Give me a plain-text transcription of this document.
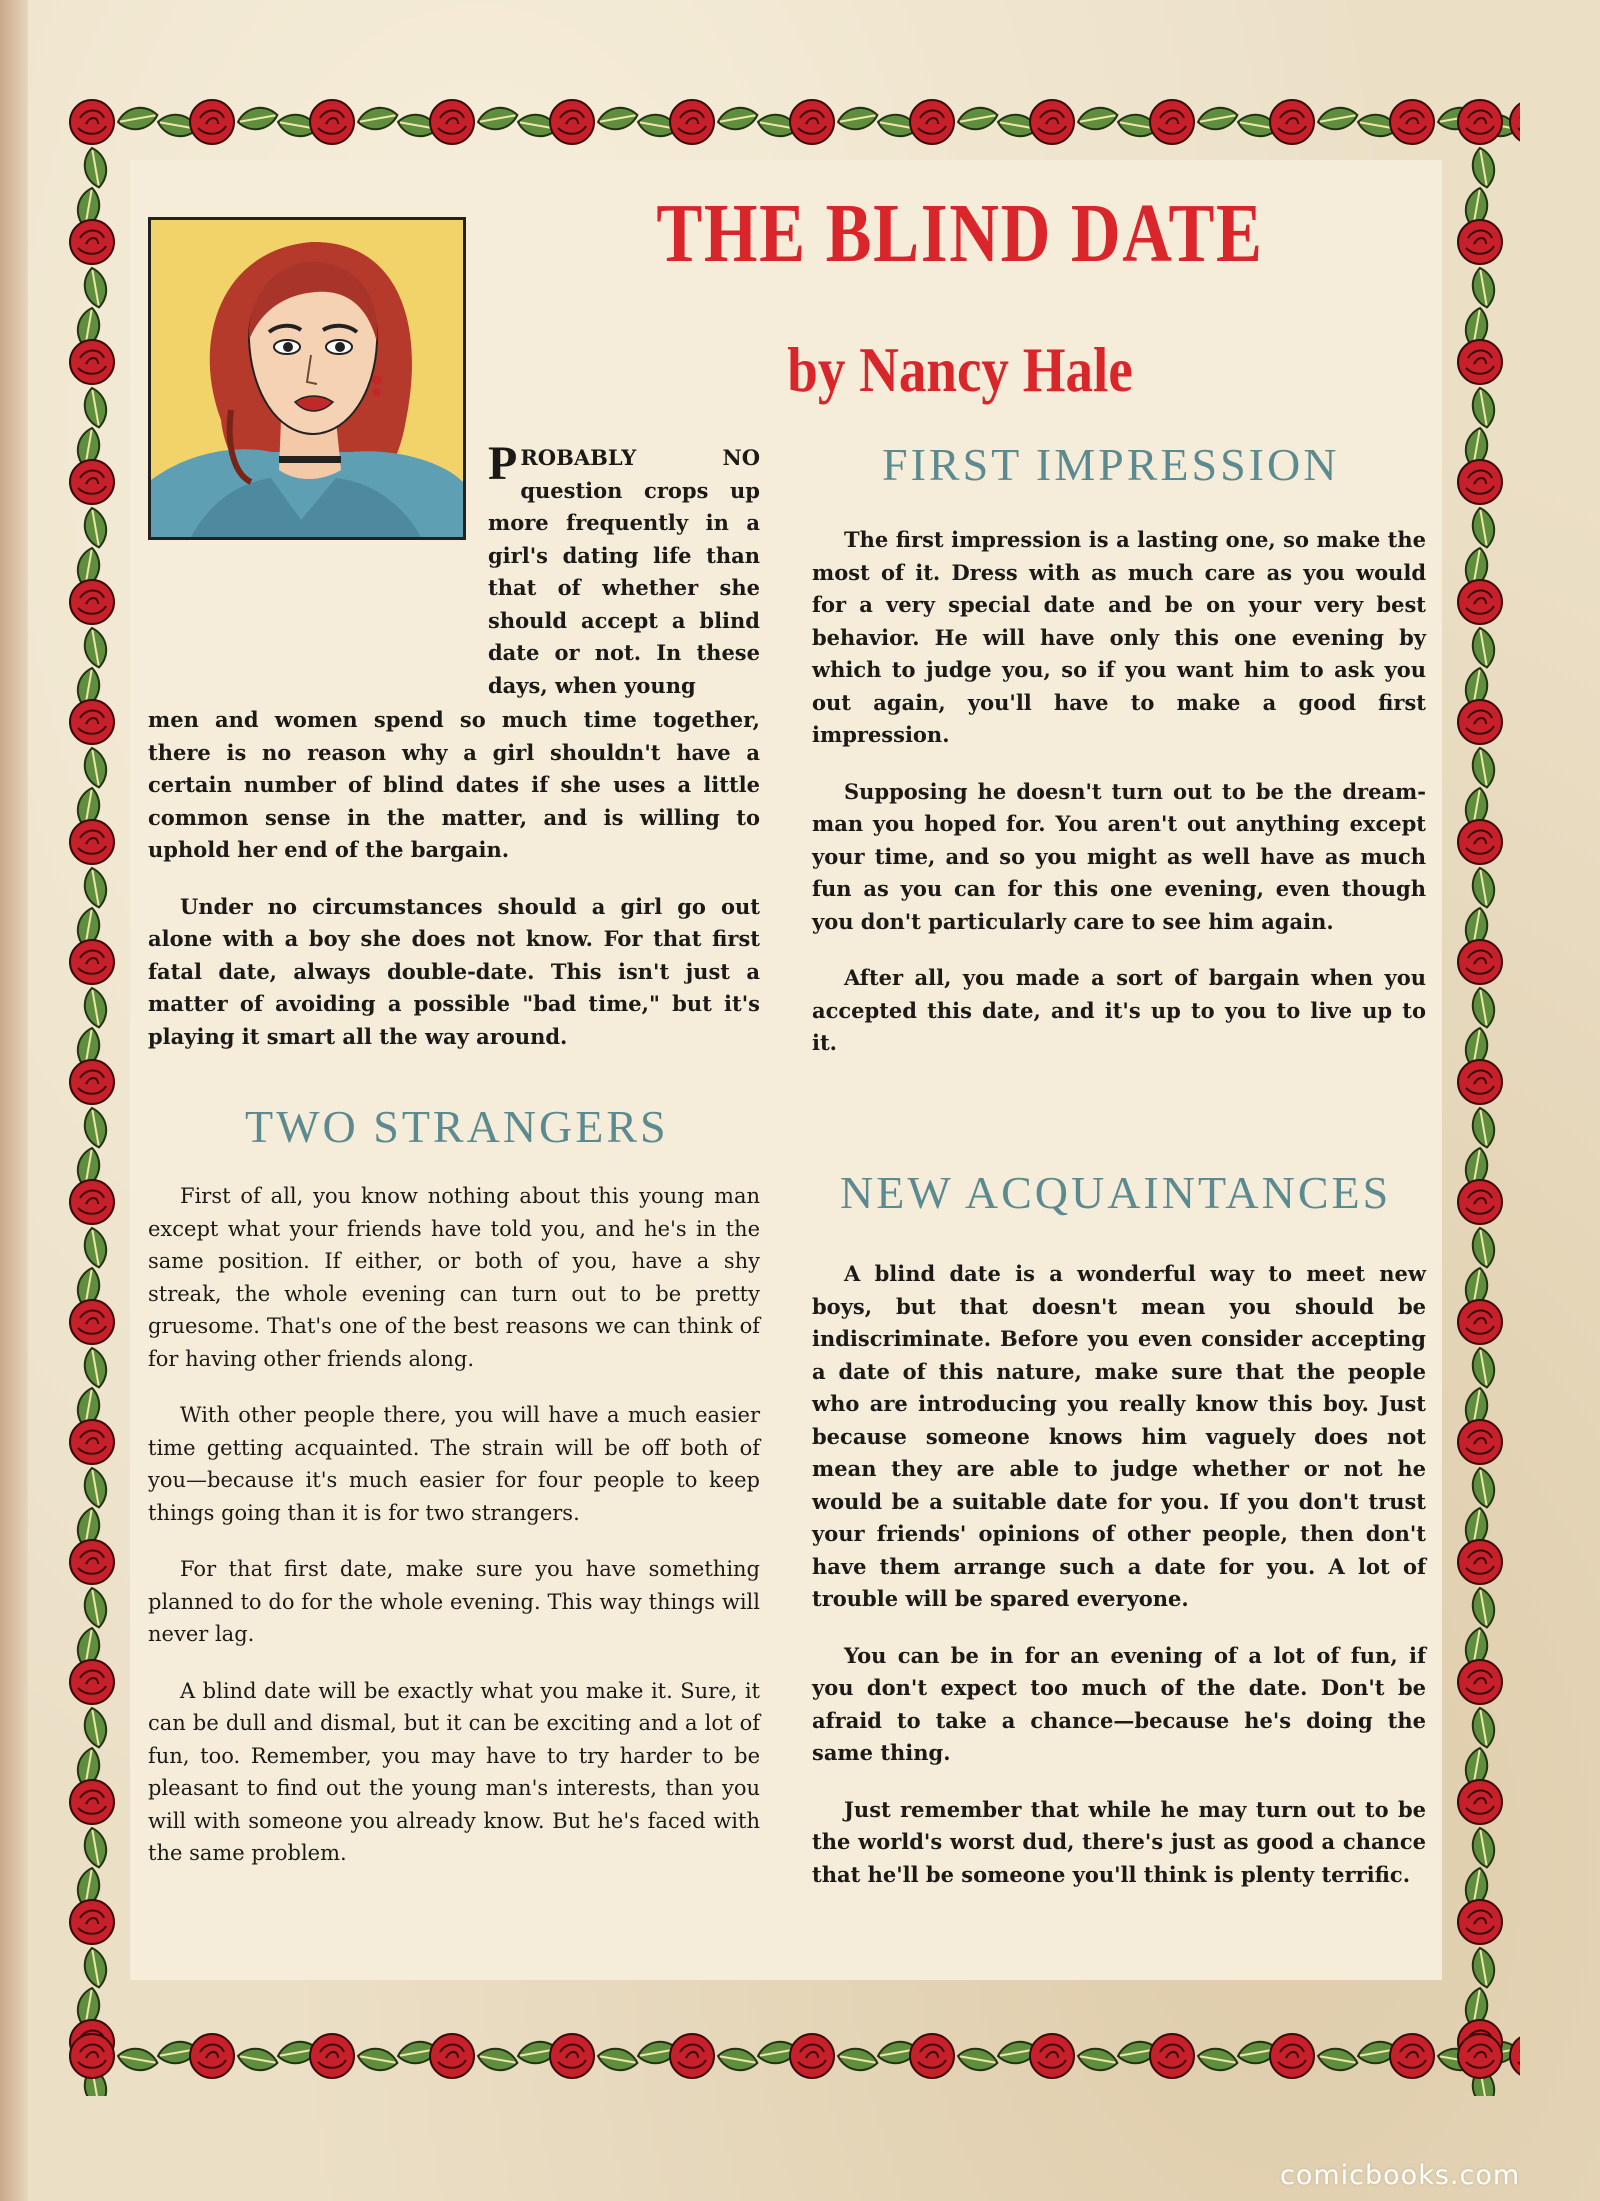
THE BLIND DATE
by Nancy Hale
PROBABLY NO question crops up more frequently in a girl's dating life than that of whether she should accept a blind date or not. In these days, when young

men and women spend so much time together, there is no reason why a girl shouldn't have a certain number of blind dates if she uses a little common sense in the matter, and is willing to uphold her end of the bargain.

Under no circumstances should a girl go out alone with a boy she does not know. For that first fatal date, always double-date. This isn't just a matter of avoiding a possible "bad time," but it's playing it smart all the way around.

TWO STRANGERS

First of all, you know nothing about this young man except what your friends have told you, and he's in the same position. If either, or both of you, have a shy streak, the whole evening can turn out to be pretty gruesome. That's one of the best reasons we can think of for having other friends along.

With other people there, you will have a much easier time getting acquainted. The strain will be off both of you—because it's much easier for four people to keep things going than it is for two strangers.

For that first date, make sure you have something planned to do for the whole evening. This way things will never lag.

A blind date will be exactly what you make it. Sure, it can be dull and dismal, but it can be exciting and a lot of fun, too. Remember, you may have to try harder to be pleasant to find out the young man's interests, than you will with someone you already know. But he's faced with the same problem.

FIRST IMPRESSION

The first impression is a lasting one, so make the most of it. Dress with as much care as you would for a very special date and be on your very best behavior. He will have only this one evening by which to judge you, so if you want him to ask you out again, you'll have to make a good first impression.

Supposing he doesn't turn out to be the dream-man you hoped for. You aren't out anything except your time, and so you might as well have as much fun as you can for this one evening, even though you don't particularly care to see him again.

After all, you made a sort of bargain when you accepted this date, and it's up to you to live up to it.

NEW ACQUAINTANCES

A blind date is a wonderful way to meet new boys, but that doesn't mean you should be indiscriminate. Before you even consider accepting a date of this nature, make sure that the people who are introducing you really know this boy. Just because someone knows him vaguely does not mean they are able to judge whether or not he would be a suitable date for you. If you don't trust your friends' opinions of other people, then don't have them arrange such a date for you. A lot of trouble will be spared everyone.

You can be in for an evening of a lot of fun, if you don't expect too much of the date. Don't be afraid to take a chance—because he's doing the same thing.

Just remember that while he may turn out to be the world's worst dud, there's just as good a chance that he'll be someone you'll think is plenty terrific.

comicbooks.com
